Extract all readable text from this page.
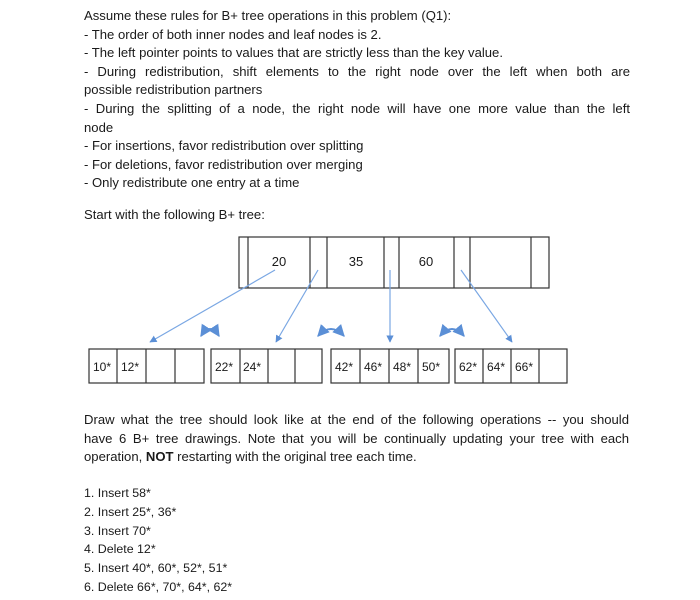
Assume these rules for B+ tree operations in this problem (Q1):
- The order of both inner nodes and leaf nodes is 2.
- The left pointer points to values that are strictly less than the key value.
- During redistribution, shift elements to the right node over the left when both are
possible redistribution partners
- During the splitting of a node, the right node will have one more value than the left
node
- For insertions, favor redistribution over splitting
- For deletions, favor redistribution over merging
- Only redistribute one entry at a time
Start with the following B+ tree:
20	35	60
10* 12*	22* 24*	42* 46* 48* 50* 62* 64* 66*
Draw what the tree should look like at the end of the following operations -- you should
have 6 B+ tree drawings. Note that you will be continually updating your tree with each
operation, NOT restarting with the original tree each time.
1. Insert 58*
2. Insert 25*, 36*
3. Insert 70*
4. Delete 12*
5. Insert 40*, 60*, 52*, 51*
6. Delete 66*, 70*, 64*, 62*
